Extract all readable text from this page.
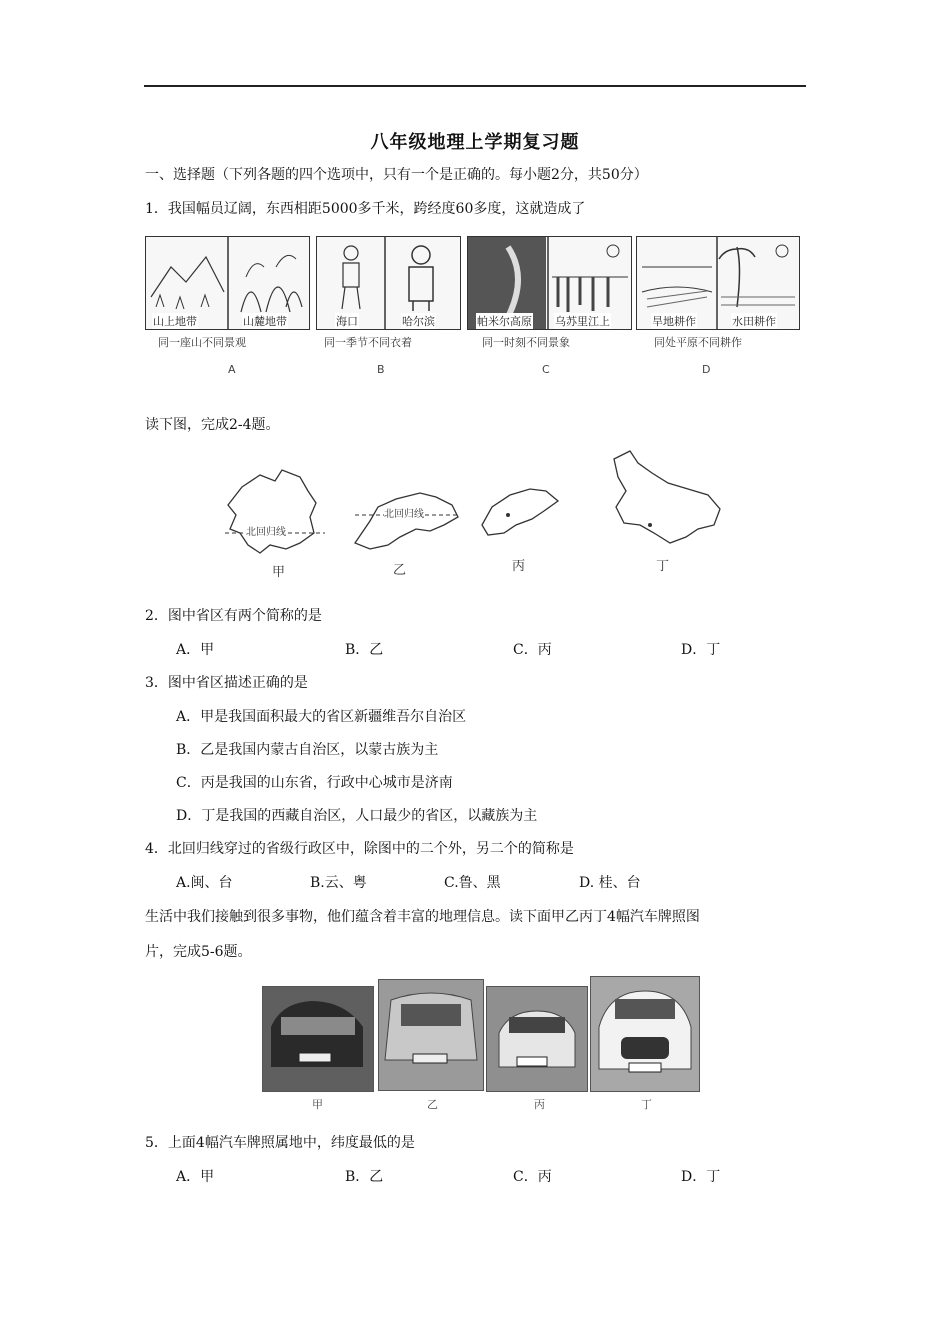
八年级地理上学期复习题
一、选择题（下列各题的四个选项中，只有一个是正确的。每小题2分，共50分）
1．我国幅员辽阔，东西相距5000多千米，跨经度60多度，这就造成了
山上地带	山麓地带	海口	哈尔滨	帕米尔高原 乌苏里江上	旱地耕作	水田耕作
同一座山不同景观	同一季节不同衣着	同一时刻不同景象	同处平原不同耕作
A	B	C	D
读下图，完成2-4题。
北回归线
北回归线
甲	乙	丙	丁
2．图中省区有两个简称的是
A．甲	B．乙	C．丙	D．丁
3．图中省区描述正确的是
A．甲是我国面积最大的省区新疆维吾尔自治区
B．乙是我国内蒙古自治区，以蒙古族为主
C．丙是我国的山东省，行政中心城市是济南
D．丁是我国的西藏自治区，人口最少的省区，以藏族为主
4．北回归线穿过的省级行政区中，除图中的二个外，另二个的简称是
A.闽、台	B.云、粤	C.鲁、黑	D. 桂、台
生活中我们接触到很多事物，他们蕴含着丰富的地理信息。读下面甲乙丙丁4幅汽车牌照图
片，完成5-6题。
甲	乙	丙	丁
5．上面4幅汽车牌照属地中，纬度最低的是
A．甲	B．乙	C．丙	D．丁
